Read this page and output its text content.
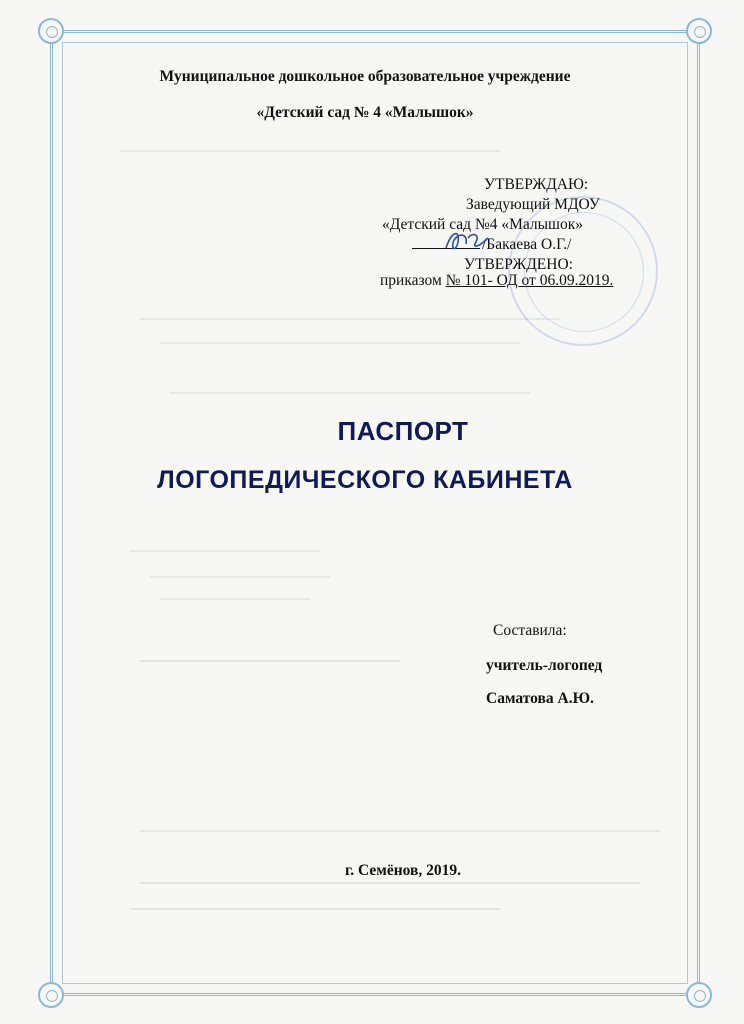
Муниципальное дошкольное образовательное учреждение
«Детский сад № 4 «Малышок»
УТВЕРЖДАЮ:
Заведующий МДОУ
«Детский сад №4 «Малышок»
/Бакаева О.Г./
УТВЕРЖДЕНО:
приказом № 101- ОД от 06.09.2019.
ПАСПОРТ
ЛОГОПЕДИЧЕСКОГО КАБИНЕТА
Составила:
учитель-логопед
Саматова А.Ю.
г. Семёнов, 2019.
